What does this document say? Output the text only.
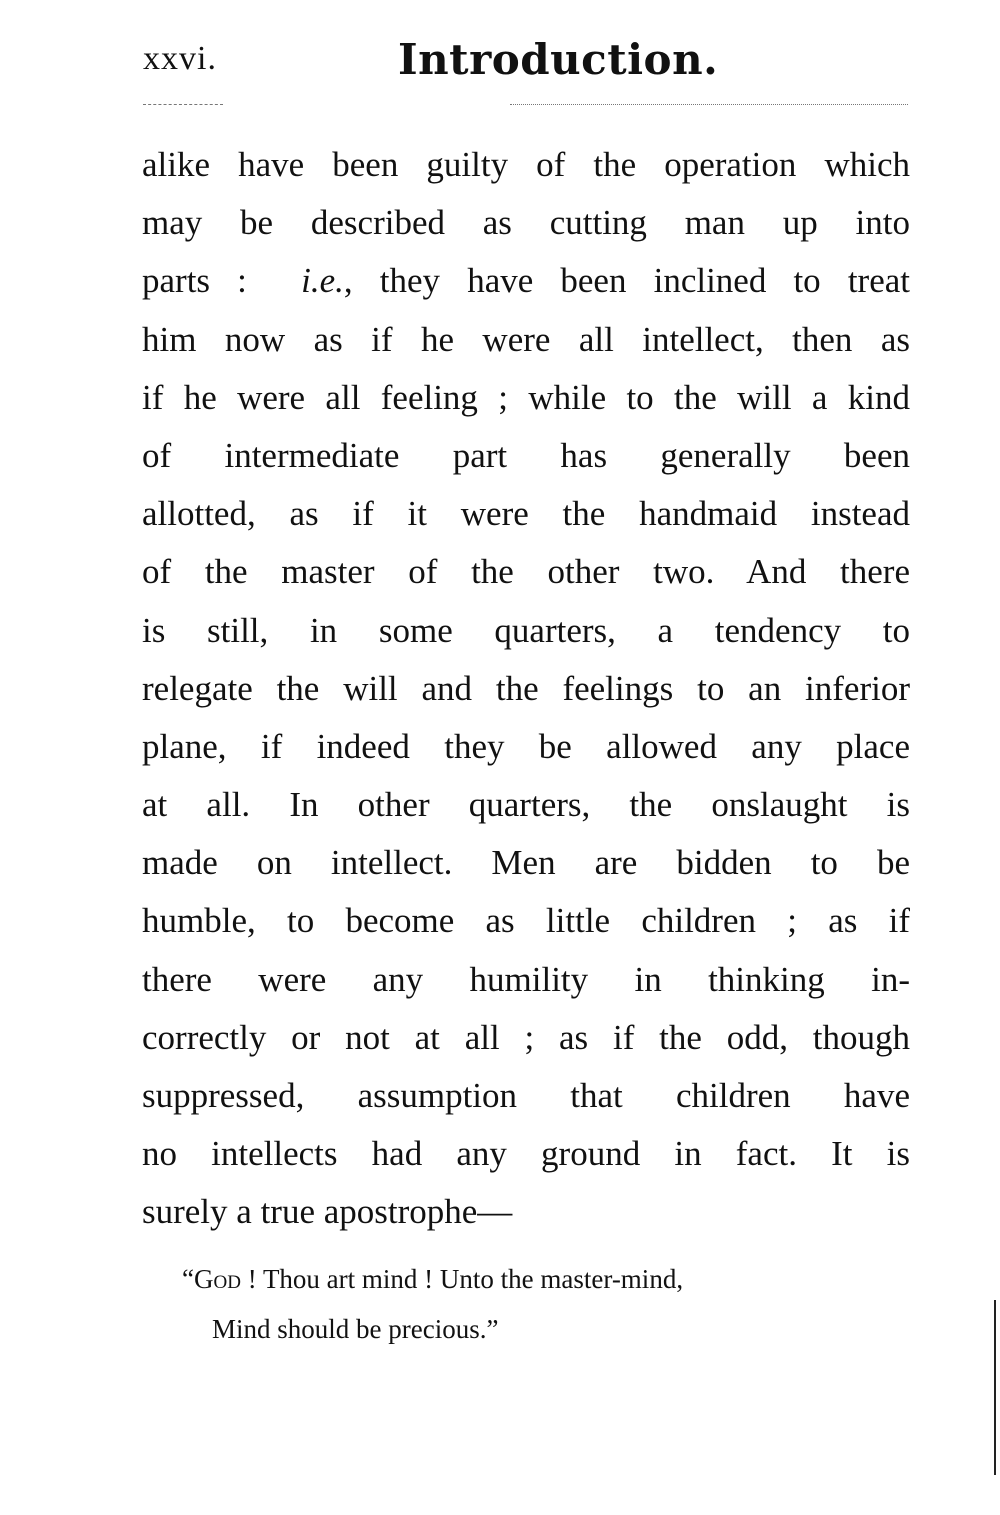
xxvi.	Introduction.

alike have been guilty of the operation which
may be described as cutting man up into
parts : i.e., they have been inclined to treat
him now as if he were all intellect, then as
if he were all feeling ; while to the will a kind
of intermediate part has generally been
allotted, as if it were the handmaid instead
of the master of the other two. And there
is still, in some quarters, a tendency to
relegate the will and the feelings to an inferior
plane, if indeed they be allowed any place
at all. In other quarters, the onslaught is
made on intellect. Men are bidden to be
humble, to become as little children ; as if
there were any humility in thinking in-
correctly or not at all ; as if the odd, though
suppressed, assumption that children have
no intellects had any ground in fact. It is
surely a true apostrophe—

“God ! Thou art mind ! Unto the master-mind,
Mind should be precious.”
